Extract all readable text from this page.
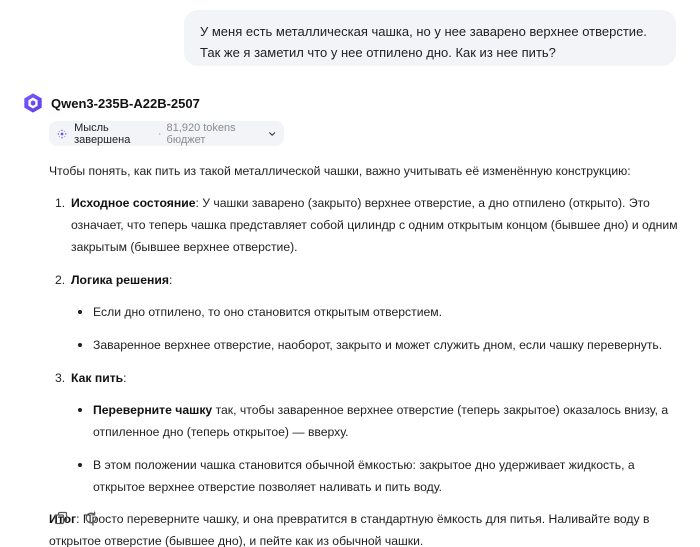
У меня есть металлическая чашка, но у нее заварено верхнее отверстие. Так же я заметил что у нее отпилено дно. Как из нее пить?
Qwen3-235B-A22B-2507
Мысль завершена	· 81,920 tokens бюджет

Чтобы понять, как пить из такой металлической чашки, важно учитывать её изменённую конструкцию:

1. Исходное состояние: У чашки заварено (закрыто) верхнее отверстие, а дно отпилено (открыто). Это означает, что теперь чашка представляет собой цилиндр с одним открытым концом (бывшее дно) и одним закрытым (бывшее верхнее отверстие).
2. Логика решения:
Если дно отпилено, то оно становится открытым отверстием.
Заваренное верхнее отверстие, наоборот, закрыто и может служить дном, если чашку перевернуть.
3. Как пить:
Переверните чашку так, чтобы заваренное верхнее отверстие (теперь закрытое) оказалось внизу, а отпиленное дно (теперь открытое) — вверху.
В этом положении чашка становится обычной ёмкостью: закрытое дно удерживает жидкость, а открытое верхнее отверстие позволяет наливать и пить воду.

Итог: Просто переверните чашку, и она превратится в стандартную ёмкость для питья. Наливайте воду в открытое отверстие (бывшее дно), и пейте как из обычной чашки.
